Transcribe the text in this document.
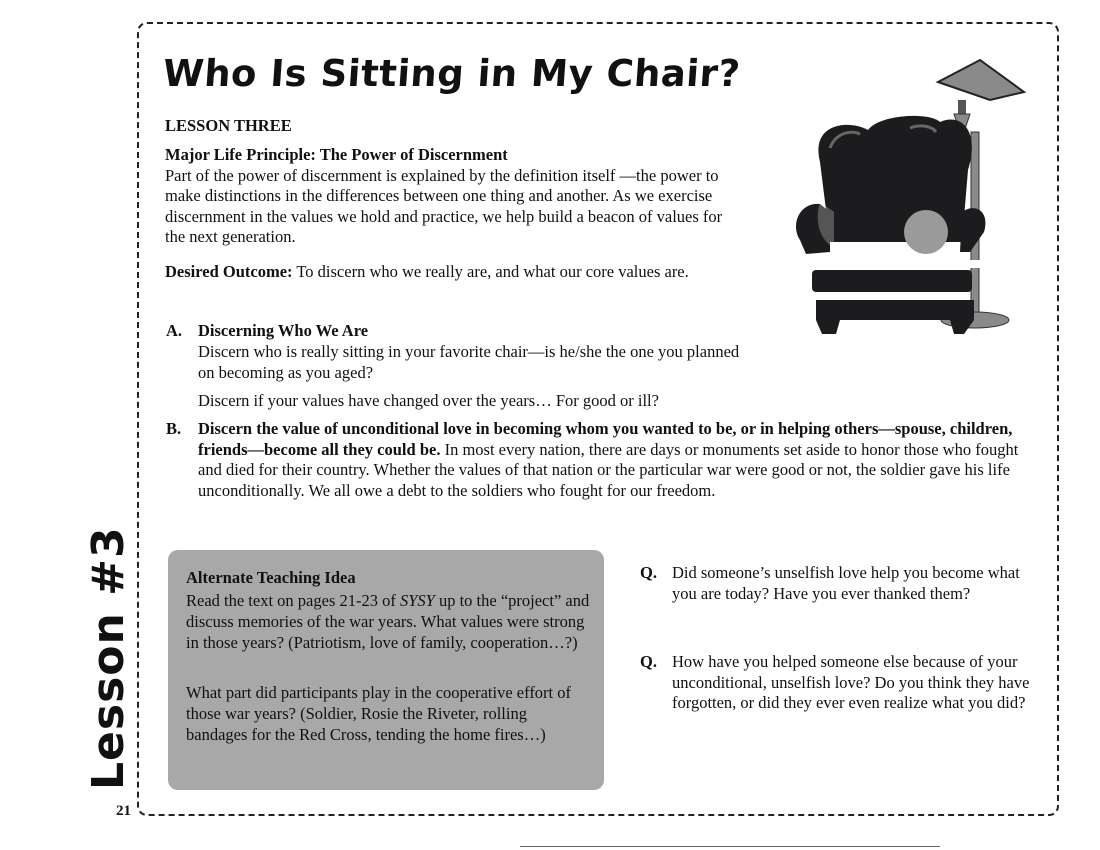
Who Is Sitting in My Chair?
LESSON THREE
Major Life Principle: The Power of Discernment
Part of the power of discernment is explained by the definition itself —the power to make distinctions in the differences between one thing and another. As we exercise discernment in the values we hold and practice, we help build a beacon of values for the next generation.
Desired Outcome: To discern who we really are, and what our core values are.
A. Discerning Who We Are
Discern who is really sitting in your favorite chair—is he/she the one you planned on becoming as you aged?
Discern if your values have changed over the years… For good or ill?
B. Discern the value of unconditional love in becoming whom you wanted to be, or in helping others—spouse, children, friends—become all they could be. In most every nation, there are days or monuments set aside to honor those who fought and died for their country. Whether the values of that nation or the particular war were good or not, the soldier gave his life unconditionally. We all owe a debt to the soldiers who fought for our freedom.
Alternate Teaching Idea
Read the text on pages 21-23 of SYSY up to the “project” and discuss memories of the war years. What values were strong in those years? (Patriotism, love of family, cooperation…?)
What part did participants play in the cooperative effort of those war years? (Soldier, Rosie the Riveter, rolling bandages for the Red Cross, tending the home fires…)
Q. Did someone’s unselfish love help you become what you are today? Have you ever thanked them?
Q. How have you helped someone else because of your unconditional, unselfish love? Do you think they have forgotten, or did they ever even realize what you did?
Lesson #3
21
